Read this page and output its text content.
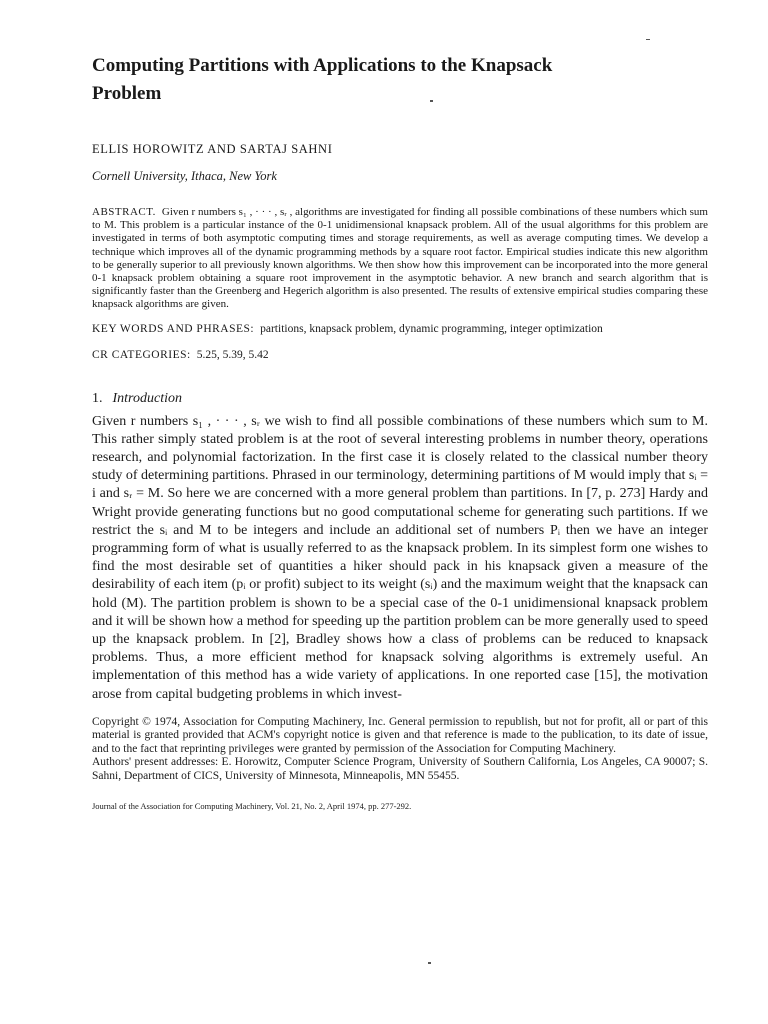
Computing Partitions with Applications to the Knapsack Problem
ELLIS HOROWITZ AND SARTAJ SAHNI
Cornell University, Ithaca, New York
ABSTRACT. Given r numbers s₁ , · · · , sᵣ , algorithms are investigated for finding all possible combinations of these numbers which sum to M. This problem is a particular instance of the 0-1 unidimensional knapsack problem. All of the usual algorithms for this problem are investigated in terms of both asymptotic computing times and storage requirements, as well as average computing times. We develop a technique which improves all of the dynamic programming methods by a square root factor. Empirical studies indicate this new algorithm to be generally superior to all previously known algorithms. We then show how this improvement can be incorporated into the more general 0-1 knapsack problem obtaining a square root improvement in the asymptotic behavior. A new branch and search algorithm that is significantly faster than the Greenberg and Hegerich algorithm is also presented. The results of extensive empirical studies comparing these knapsack algorithms are given.
KEY WORDS AND PHRASES: partitions, knapsack problem, dynamic programming, integer optimization
CR CATEGORIES: 5.25, 5.39, 5.42
1. Introduction
Given r numbers s₁ , · · · , sᵣ we wish to find all possible combinations of these numbers which sum to M. This rather simply stated problem is at the root of several interesting problems in number theory, operations research, and polynomial factorization. In the first case it is closely related to the classical number theory study of determining partitions. Phrased in our terminology, determining partitions of M would imply that sᵢ = i and sᵣ = M. So here we are concerned with a more general problem than partitions. In [7, p. 273] Hardy and Wright provide generating functions but no good computational scheme for generating such partitions. If we restrict the sᵢ and M to be integers and include an additional set of numbers Pᵢ then we have an integer programming form of what is usually referred to as the knapsack problem. In its simplest form one wishes to find the most desirable set of quantities a hiker should pack in his knapsack given a measure of the desirability of each item (pᵢ or profit) subject to its weight (sᵢ) and the maximum weight that the knapsack can hold (M). The partition problem is shown to be a special case of the 0-1 unidimensional knapsack problem and it will be shown how a method for speeding up the partition problem can be more generally used to speed up the knapsack problem. In [2], Bradley shows how a class of problems can be reduced to knapsack problems. Thus, a more efficient method for knapsack solving algorithms is extremely useful. An implementation of this method has a wide variety of applications. In one reported case [15], the motivation arose from capital budgeting problems in which invest-

Copyright © 1974, Association for Computing Machinery, Inc. General permission to republish, but not for profit, all or part of this material is granted provided that ACM's copyright notice is given and that reference is made to the publication, to its date of issue, and to the fact that reprinting privileges were granted by permission of the Association for Computing Machinery.

Authors' present addresses: E. Horowitz, Computer Science Program, University of Southern California, Los Angeles, CA 90007; S. Sahni, Department of CICS, University of Minnesota, Minneapolis, MN 55455.

Journal of the Association for Computing Machinery, Vol. 21, No. 2, April 1974, pp. 277-292.
